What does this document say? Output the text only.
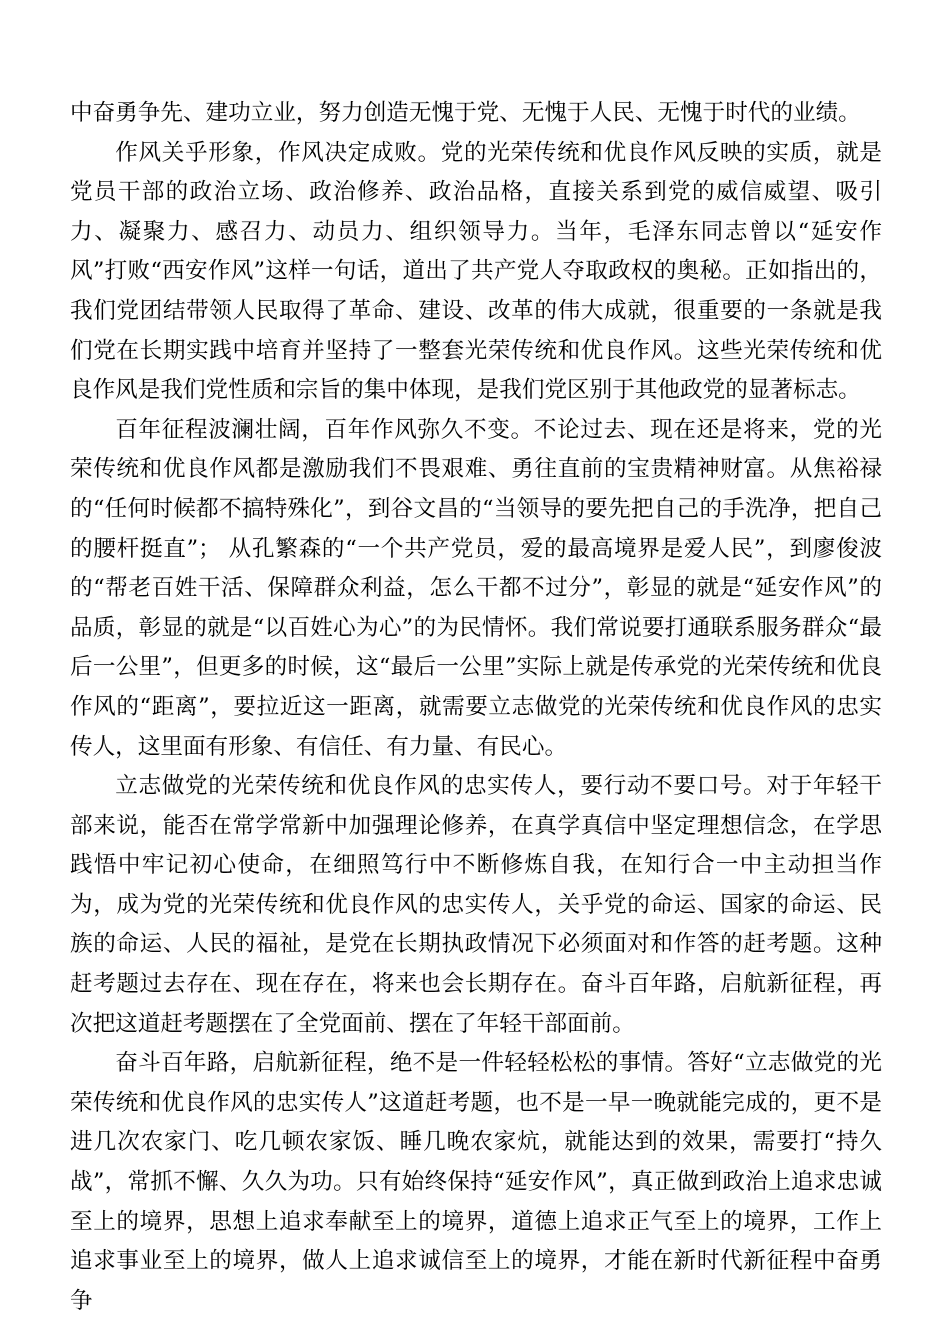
中奋勇争先、建功立业，努力创造无愧于党、无愧于人民、无愧于时代的业绩。

作风关乎形象，作风决定成败。党的光荣传统和优良作风反映的实质，就是党员干部的政治立场、政治修养、政治品格，直接关系到党的威信威望、吸引力、凝聚力、感召力、动员力、组织领导力。当年，毛泽东同志曾以“延安作风”打败“西安作风”这样一句话，道出了共产党人夺取政权的奥秘。正如指出的，我们党团结带领人民取得了革命、建设、改革的伟大成就，很重要的一条就是我们党在长期实践中培育并坚持了一整套光荣传统和优良作风。这些光荣传统和优良作风是我们党性质和宗旨的集中体现，是我们党区别于其他政党的显著标志。

百年征程波澜壮阔，百年作风弥久不变。不论过去、现在还是将来，党的光荣传统和优良作风都是激励我们不畏艰难、勇往直前的宝贵精神财富。从焦裕禄的“任何时候都不搞特殊化”，到谷文昌的“当领导的要先把自己的手洗净，把自己的腰杆挺直”； 从孔繁森的“一个共产党员，爱的最高境界是爱人民”，到廖俊波的“帮老百姓干活、保障群众利益，怎么干都不过分”，彰显的就是“延安作风”的品质，彰显的就是“以百姓心为心”的为民情怀。我们常说要打通联系服务群众“最后一公里”，但更多的时候，这“最后一公里”实际上就是传承党的光荣传统和优良作风的“距离”，要拉近这一距离，就需要立志做党的光荣传统和优良作风的忠实传人，这里面有形象、有信任、有力量、有民心。

立志做党的光荣传统和优良作风的忠实传人，要行动不要口号。对于年轻干部来说，能否在常学常新中加强理论修养，在真学真信中坚定理想信念，在学思践悟中牢记初心使命，在细照笃行中不断修炼自我，在知行合一中主动担当作为，成为党的光荣传统和优良作风的忠实传人，关乎党的命运、国家的命运、民族的命运、人民的福祉，是党在长期执政情况下必须面对和作答的赶考题。这种赶考题过去存在、现在存在，将来也会长期存在。奋斗百年路，启航新征程，再次把这道赶考题摆在了全党面前、摆在了年轻干部面前。

奋斗百年路，启航新征程，绝不是一件轻轻松松的事情。答好“立志做党的光荣传统和优良作风的忠实传人”这道赶考题，也不是一早一晚就能完成的，更不是进几次农家门、吃几顿农家饭、睡几晚农家炕，就能达到的效果，需要打“持久战”，常抓不懈、久久为功。只有始终保持“延安作风”，真正做到政治上追求忠诚至上的境界，思想上追求奉献至上的境界，道德上追求正气至上的境界，工作上追求事业至上的境界，做人上追求诚信至上的境界，才能在新时代新征程中奋勇争
